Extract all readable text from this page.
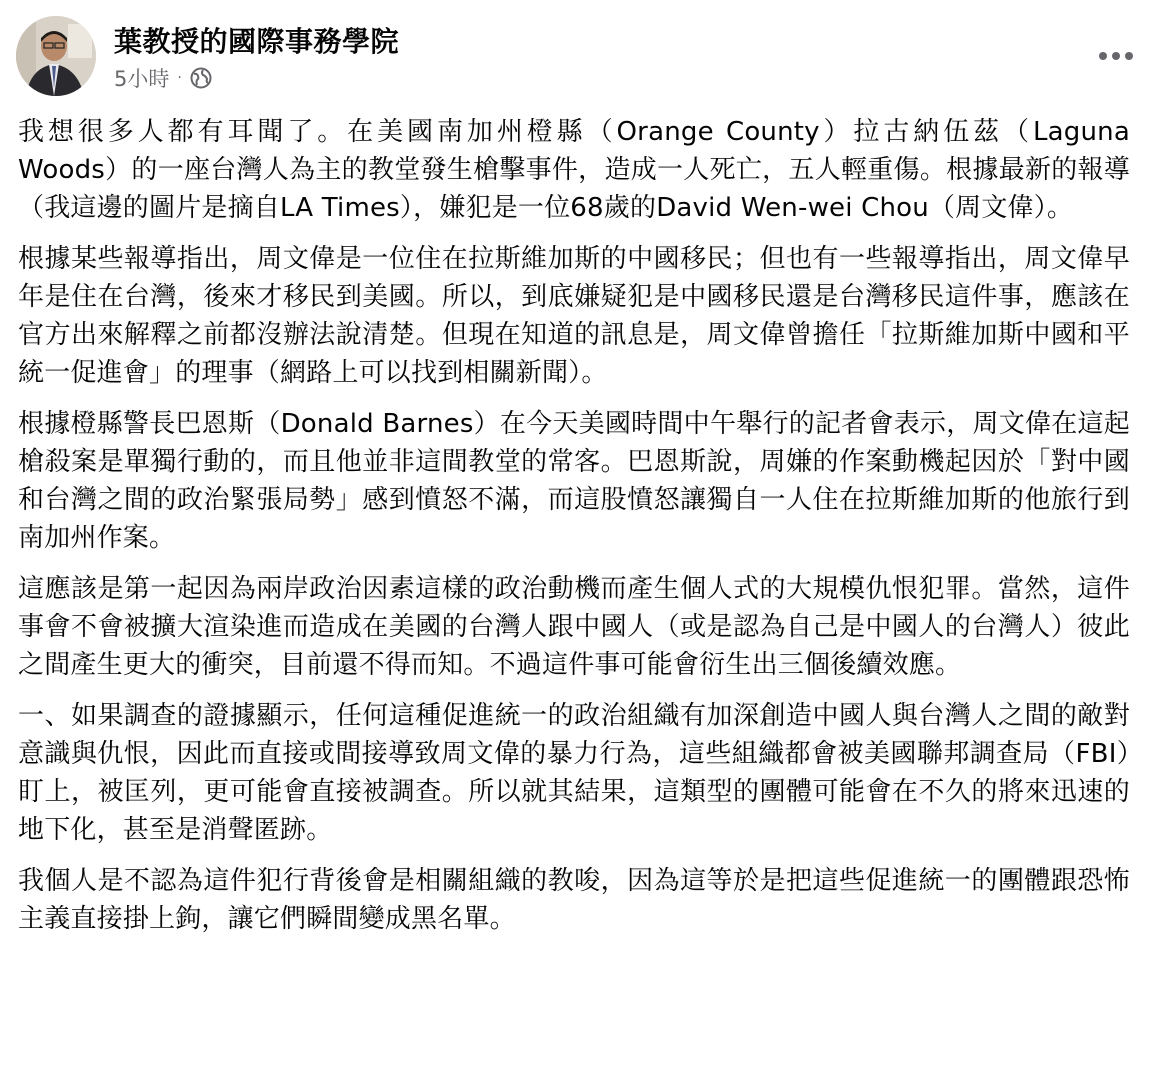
葉教授的國際事務學院
5小時 ·

我想很多人都有耳聞了。在美國南加州橙縣（Orange County）拉古納伍茲（Laguna Woods）的一座台灣人為主的教堂發生槍擊事件，造成一人死亡，五人輕重傷。根據最新的報導（我這邊的圖片是摘自LA Times），嫌犯是一位68歲的David Wen-wei Chou（周文偉）。

根據某些報導指出，周文偉是一位住在拉斯維加斯的中國移民；但也有一些報導指出，周文偉早年是住在台灣，後來才移民到美國。所以，到底嫌疑犯是中國移民還是台灣移民這件事，應該在官方出來解釋之前都沒辦法說清楚。但現在知道的訊息是，周文偉曾擔任「拉斯維加斯中國和平統一促進會」的理事（網路上可以找到相關新聞）。

根據橙縣警長巴恩斯（Donald Barnes）在今天美國時間中午舉行的記者會表示，周文偉在這起槍殺案是單獨行動的，而且他並非這間教堂的常客。巴恩斯說，周嫌的作案動機起因於「對中國和台灣之間的政治緊張局勢」感到憤怒不滿，而這股憤怒讓獨自一人住在拉斯維加斯的他旅行到南加州作案。

這應該是第一起因為兩岸政治因素這樣的政治動機而產生個人式的大規模仇恨犯罪。當然，這件事會不會被擴大渲染進而造成在美國的台灣人跟中國人（或是認為自己是中國人的台灣人）彼此之間產生更大的衝突，目前還不得而知。不過這件事可能會衍生出三個後續效應。

一、如果調查的證據顯示，任何這種促進統一的政治組織有加深創造中國人與台灣人之間的敵對意識與仇恨，因此而直接或間接導致周文偉的暴力行為，這些組織都會被美國聯邦調查局（FBI）盯上，被匡列，更可能會直接被調查。所以就其結果，這類型的團體可能會在不久的將來迅速的地下化，甚至是消聲匿跡。

我個人是不認為這件犯行背後會是相關組織的教唆，因為這等於是把這些促進統一的團體跟恐怖主義直接掛上鉤，讓它們瞬間變成黑名單。
